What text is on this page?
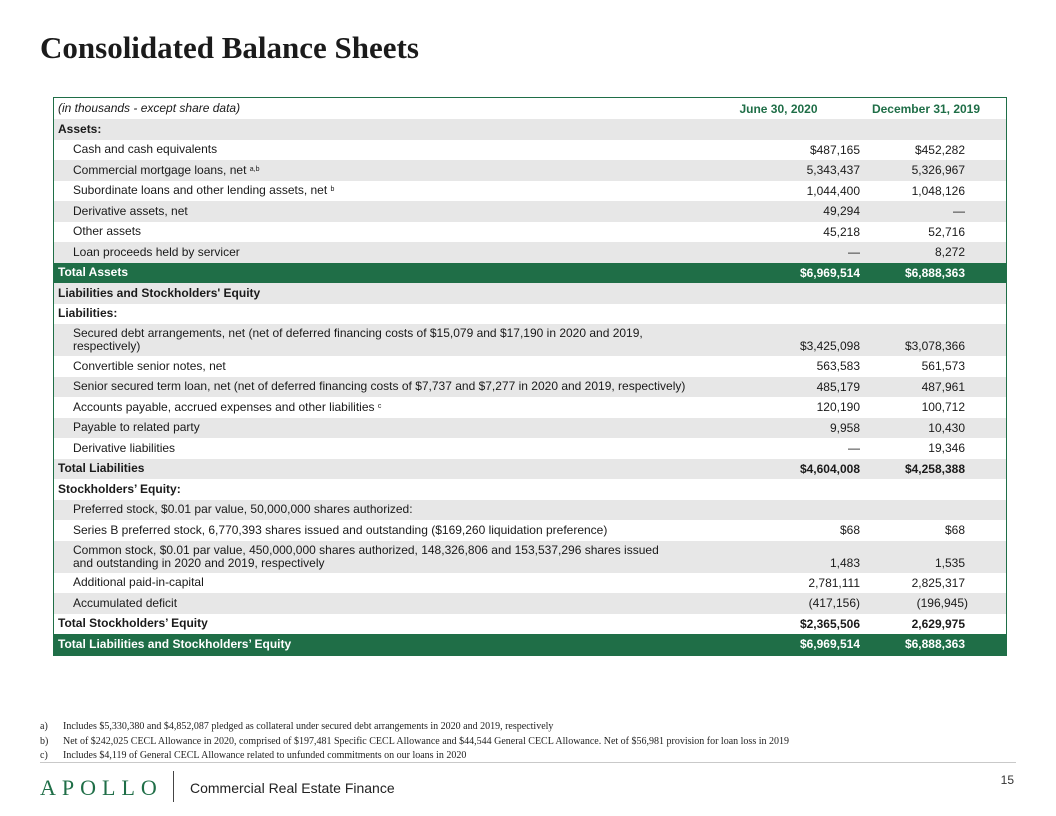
Consolidated Balance Sheets
(in thousands - except share data)	June 30, 2020	December 31, 2019
Assets:
Cash and cash equivalents	$487,165	$452,282
Commercial mortgage loans, net $^{a,b}$	5,343,437	5,326,967
Subordinate loans and other lending assets, net $^b$	1,044,400	1,048,126
Derivative assets, net	49,294	—
Other assets	45,218	52,716
Loan proceeds held by servicer	—	8,272
Total Assets	$6,969,514	$6,888,363
Liabilities and Stockholders' Equity
Liabilities:
Secured debt arrangements, net (net of deferred financing costs of $15,079 and $17,190 in 2020 and 2019, respectively)	$3,425,098	$3,078,366
Convertible senior notes, net	563,583	561,573
Senior secured term loan, net (net of deferred financing costs of $7,737 and $7,277 in 2020 and 2019, respectively)	485,179	487,961
Accounts payable, accrued expenses and other liabilities $^c$	120,190	100,712
Payable to related party	9,958	10,430
Derivative liabilities	—	19,346
Total Liabilities	$4,604,008	$4,258,388
Stockholders’ Equity:
Preferred stock, $0.01 par value, 50,000,000 shares authorized:
Series B preferred stock, 6,770,393 shares issued and outstanding ($169,260 liquidation preference)	$68	$68
Common stock, $0.01 par value, 450,000,000 shares authorized, 148,326,806 and 153,537,296 shares issued and outstanding in 2020 and 2019, respectively	1,483	1,535
Additional paid-in-capital	2,781,111	2,825,317
Accumulated deficit	(417,156)	(196,945)
Total Stockholders’ Equity	$2,365,506	2,629,975
Total Liabilities and Stockholders’ Equity	$6,969,514	$6,888,363
a)	Includes $5,330,380 and $4,852,087 pledged as collateral under secured debt arrangements in 2020 and 2019, respectively
b)	Net of $242,025 CECL Allowance in 2020, comprised of $197,481 Specific CECL Allowance and $44,544 General CECL Allowance. Net of $56,981 provision for loan loss in 2019
c)	Includes $4,119 of General CECL Allowance related to unfunded commitments on our loans in 2020
APOLLO Commercial Real Estate Finance	15
